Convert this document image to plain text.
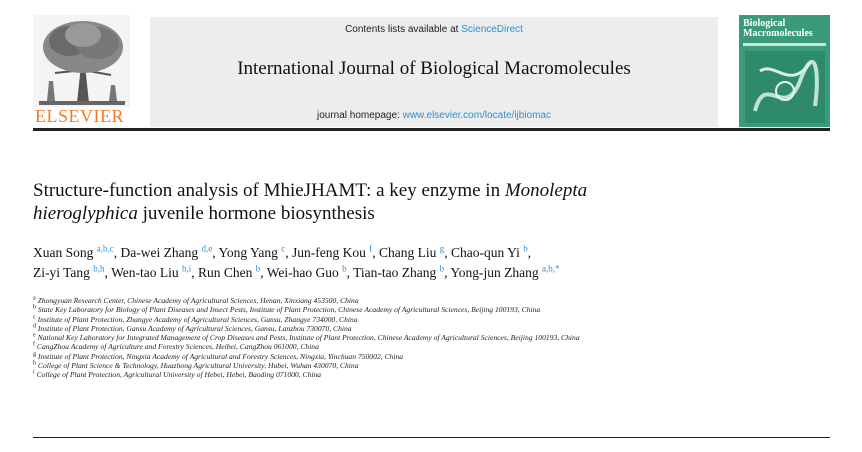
ELSEVIER
Contents lists available at ScienceDirect
International Journal of Biological Macromolecules
journal homepage: www.elsevier.com/locate/ijbiomac
Biological
Macromolecules
Structure-function analysis of MhieJHAMT: a key enzyme in Monolepta
hieroglyphica juvenile hormone biosynthesis
Xuan Song $^{a,b,c}$, Da-wei Zhang $^{d,e}$, Yong Yang $^c$, Jun-feng Kou $^f$, Chang Liu $^g$, Chao-qun Yi $^b$,
Zi-yi Tang $^{b,h}$, Wen-tao Liu $^{b,i}$, Run Chen $^b$, Wei-hao Guo $^b$, Tian-tao Zhang $^b$, Yong-jun Zhang $^{a,b,*}$
$^a$ Zhongyuan Research Center, Chinese Academy of Agricultural Sciences, Henan, Xinxiang 453500, China
$^b$ State Key Laboratory for Biology of Plant Diseases and Insect Pests, Institute of Plant Protection, Chinese Academy of Agricultural Sciences, Beijing 100193, China
$^c$ Institute of Plant Protection, Zhangye Academy of Agricultural Sciences, Gansu, Zhangye 734000, China
$^d$ Institute of Plant Protection, Gansu Academy of Agricultural Sciences, Gansu, Lanzhou 730070, China
$^e$ National Key Laboratory for Integrated Management of Crop Diseases and Pests, Institute of Plant Protection, Chinese Academy of Agricultural Sciences, Beijing 100193, China
$^f$ CangZhou Academy of Agriculture and Forestry Sciences, Heibei, CangZhou 061000, China
$^g$ Institute of Plant Protection, Ningxia Academy of Agricultural and Forestry Sciences, Ningxia, Yinchuan 750002, China
$^h$ College of Plant Science & Technology, Huazhong Agricultural University, Hubei, Wuhan 430070, China
$^i$ College of Plant Protection, Agricultural University of Hebei, Hebei, Baoding 071000, China
